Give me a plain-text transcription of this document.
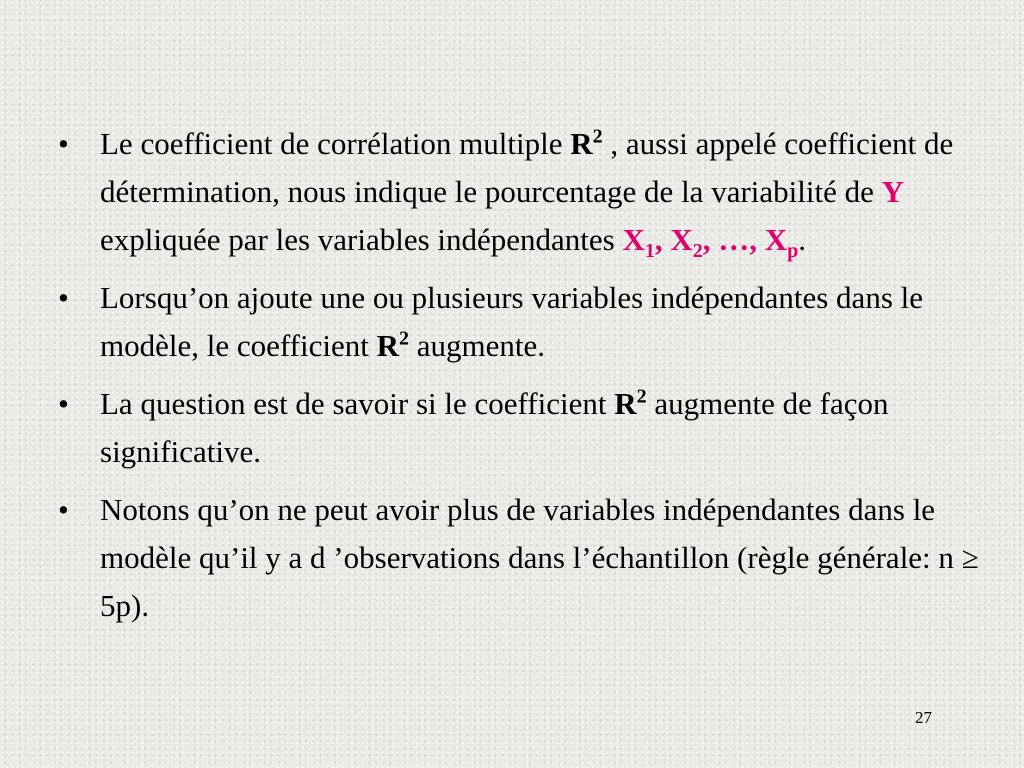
• Le coefficient de corrélation multiple $R^2$ , aussi appelé coefficient de détermination, nous indique le pourcentage de la variabilité de Y expliquée par les variables indépendantes $X_1$, $X_2$, …, $X_p$.
• Lorsqu’on ajoute une ou plusieurs variables indépendantes dans le modèle, le coefficient $R^2$ augmente.
• La question est de savoir si le coefficient $R^2$ augmente de façon significative.
• Notons qu’on ne peut avoir plus de variables indépendantes dans le modèle qu’il y a d ’observations dans l’échantillon (règle générale: n ≥ 5p).
27
